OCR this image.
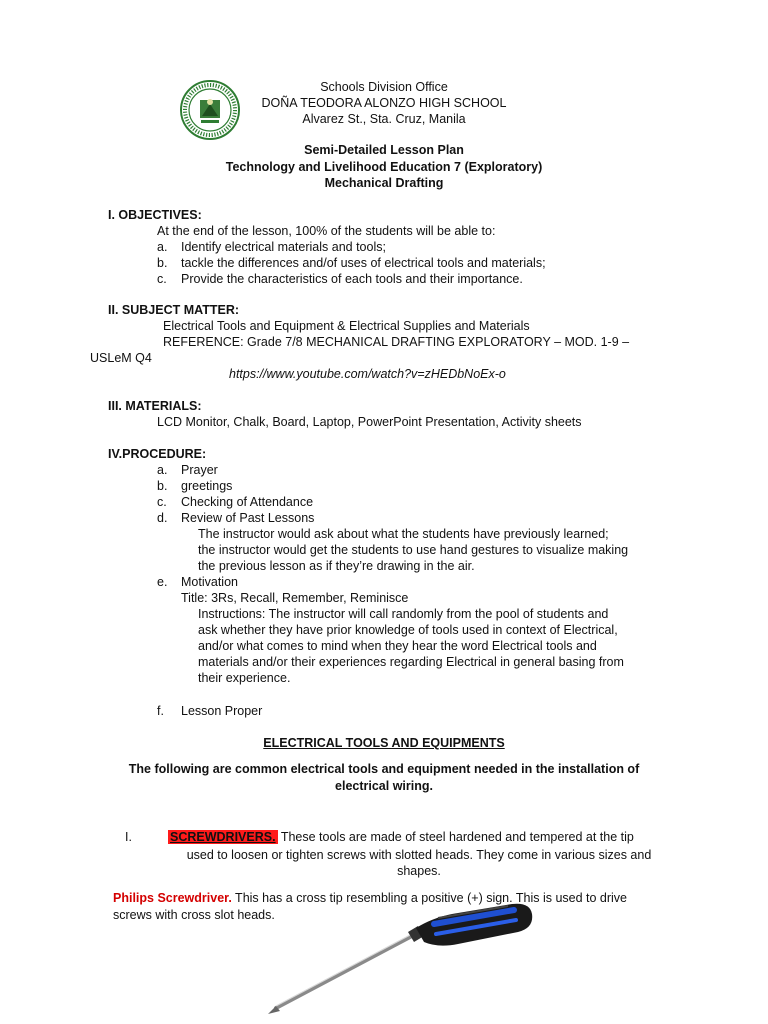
Schools Division Office
DOÑA TEODORA ALONZO HIGH SCHOOL
Alvarez St., Sta. Cruz, Manila
Semi-Detailed Lesson Plan
Technology and Livelihood Education 7 (Exploratory)
Mechanical Drafting
I. OBJECTIVES:
At the end of the lesson, 100% of the students will be able to:
a. Identify electrical materials and tools;
b. tackle the differences and/of uses of electrical tools and materials;
c. Provide the characteristics of each tools and their importance.
II. SUBJECT MATTER:
Electrical Tools and Equipment & Electrical Supplies and Materials
REFERENCE: Grade 7/8 MECHANICAL DRAFTING EXPLORATORY – MOD. 1-9 –
USLeM Q4
https://www.youtube.com/watch?v=zHEDbNoEx-o
III. MATERIALS:
LCD Monitor, Chalk, Board, Laptop, PowerPoint Presentation, Activity sheets
IV.PROCEDURE:
a. Prayer
b. greetings
c. Checking of Attendance
d. Review of Past Lessons
The instructor would ask about what the students have previously learned;
the instructor would get the students to use hand gestures to visualize making
the previous lesson as if they’re drawing in the air.
e. Motivation
Title: 3Rs, Recall, Remember, Reminisce
Instructions: The instructor will call randomly from the pool of students and
ask whether they have prior knowledge of tools used in context of Electrical,
and/or what comes to mind when they hear the word Electrical tools and
materials and/or their experiences regarding Electrical in general basing from
their experience.
f. Lesson Proper
ELECTRICAL TOOLS AND EQUIPMENTS
The following are common electrical tools and equipment needed in the installation of
electrical wiring.
I.	SCREWDRIVERS. These tools are made of steel hardened and tempered at the tip
used to loosen or tighten screws with slotted heads. They come in various sizes and
shapes.
Philips Screwdriver. This has a cross tip resembling a positive (+) sign. This is used to drive
screws with cross slot heads.
